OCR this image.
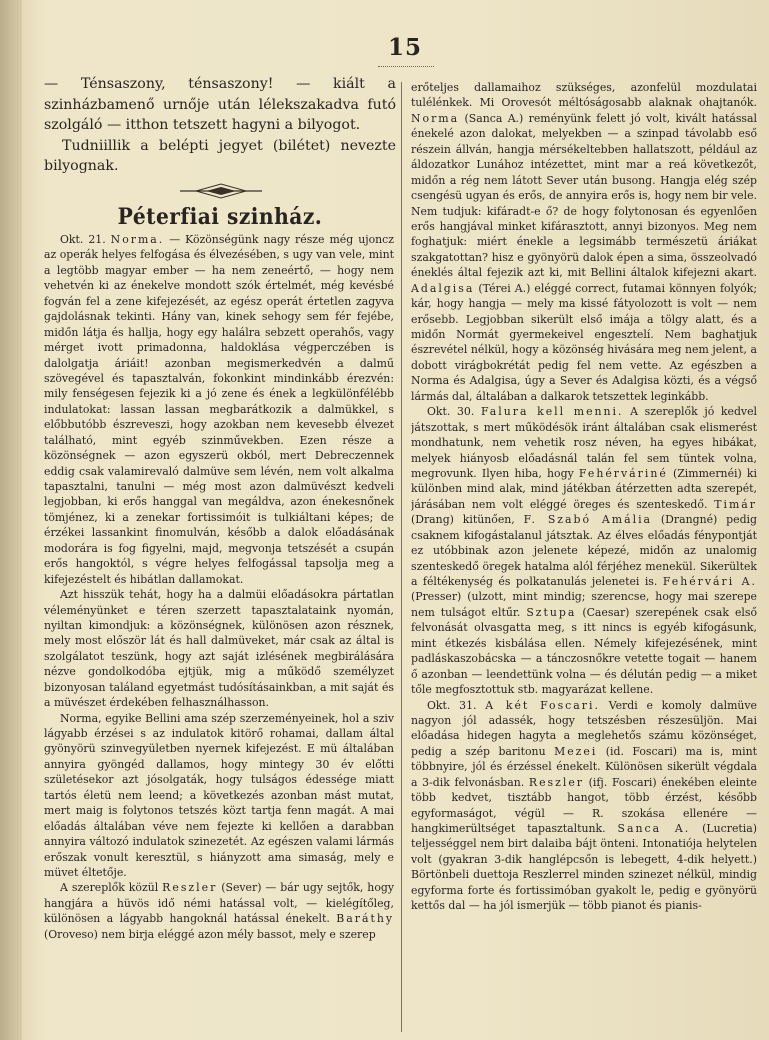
15

— Ténsaszony, ténsaszony! — kiált a szinházbamenő urnője után lélekszakadva futó szolgáló — itthon tetszett hagyni a bilyogot.

Tudniillik a belépti jegyet (bilétet) nevezte bilyognak.

Péterfiai szinház.

Okt. 21. Norma. — Közönségünk nagy része még ujoncz az operák helyes felfogása és élvezésében, s ugy van vele, mint a legtöbb magyar ember — ha nem zeneértő, — hogy nem vehetvén ki az énekelve mondott szók értelmét, még kevésbé fogván fel a zene kifejezését, az egész operát értetlen zagyva gajdolásnak tekinti. Hány van, kinek sehogy sem fér fejébe, midőn látja és hallja, hogy egy halálra sebzett operahős, vagy mérget ivott primadonna, haldoklása végperczében is dalolgatja áriáit! azonban megismerkedvén a dalmű szövegével és tapasztalván, fokonkint mindinkább érezvén: mily fenségesen fejezik ki a jó zene és ének a legkülönfélébb indulatokat: lassan lassan megbarátkozik a dalmükkel, s előbbutóbb észreveszi, hogy azokban nem kevesebb élvezet található, mint egyéb szinművekben. Ezen része a közönségnek — azon egyszerü okból, mert Debreczennek eddig csak valamirevaló dalmüve sem lévén, nem volt alkalma tapasztalni, tanulni — még most azon dalmüvészt kedveli legjobban, ki erős hanggal van megáldva, azon énekesnőnek tömjénez, ki a zenekar fortissimóit is tulkiáltani képes; de érzékei lassankint finomulván, később a dalok előadásának modorára is fog figyelni, majd, megvonja tetszését a csupán erős hangoktól, s végre helyes felfogással tapsolja meg a kifejezéstelt és hibátlan dallamokat.

Azt hisszük tehát, hogy ha a dalmüi előadásokra pártatlan véleményünket e téren szerzett tapasztalataink nyomán, nyiltan kimondjuk: a közönségnek, különösen azon résznek, mely most először lát és hall dalmüveket, már csak az által is szolgálatot teszünk, hogy azt saját izlésének megbirálására nézve gondolkodóba ejtjük, mig a működő személyzet bizonyosan találand egyetmást tudósításainkban, a mit saját és a müvészet érdekében felhasználhasson.

Norma, egyike Bellini ama szép szerzeményeinek, hol a sziv lágyabb érzései s az indulatok kitörő rohamai, dallam által gyönyörü szinvegyületben nyernek kifejezést. E mü általában annyira gyöngéd dallamos, hogy mintegy 30 év előtti születésekor azt jósolgaták, hogy tulságos édessége miatt tartós életü nem leend; a következés azonban mást mutat, mert maig is folytonos tetszés közt tartja fenn magát. A mai előadás általában véve nem fejezte ki kellően a darabban annyira változó indulatok szinezetét. Az egészen valami lármás erőszak vonult keresztül, s hiányzott ama simaság, mely e müvet éltetője.

A szereplők közül Reszler (Sever) — bár ugy sejtők, hogy hangjára a hüvös idő némi hatással volt, — kielégítőleg, különösen a lágyabb hangoknál hatással énekelt. Baráthy (Oroveso) nem birja eléggé azon mély bassot, mely e szerep

erőteljes dallamaihoz szükséges, azonfelül mozdulatai tulélénkek. Mi Orovesót méltóságosabb alaknak ohajtanók. Norma (Sanca A.) reményünk felett jó volt, kivált hatással énekelé azon dalokat, melyekben — a szinpad távolabb eső részein állván, hangja mérsékeltebben hallatszott, például az áldozatkor Lunához intézettet, mint mar a reá következőt, midőn a rég nem látott Sever után busong. Hangja elég szép csengésü ugyan és erős, de annyira erős is, hogy nem bir vele. Nem tudjuk: kifáradt-e ő? de hogy folytonosan és egyenlően erős hangjával minket kifárasztott, annyi bizonyos. Meg nem foghatjuk: miért énekle a legsimább természetü áriákat szakgatottan? hisz e gyönyörü dalok épen a sima, összeolvadó éneklés által fejezik azt ki, mit Bellini általok kifejezni akart. Adalgisa (Térei A.) eléggé correct, futamai könnyen folyók; kár, hogy hangja — mely ma kissé fátyolozott is volt — nem erősebb. Legjobban sikerült első imája a tölgy alatt, és a midőn Normát gyermekeivel engesztelí. Nem baghatjuk észrevétel nélkül, hogy a közönség hivására meg nem jelent, a dobott virágbokrétát pedig fel nem vette. Az egészben a Norma és Adalgisa, úgy a Sever és Adalgisa közti, és a végső lármás dal, általában a dalkarok tetszettek leginkább.

Okt. 30. Falura kell menni. A szereplők jó kedvel játszottak, s mert működésök iránt általában csak elismerést mondhatunk, nem vehetik rosz néven, ha egyes hibákat, melyek hiányosb előadásnál talán fel sem tüntek volna, megrovunk. Ilyen hiba, hogy Fehérváriné (Zimmernéi) ki különben mind alak, mind játékban átérzetten adta szerepét, járásában nem volt eléggé öreges és szenteskedő. Timár (Drang) kitünően, F. Szabó Amália (Drangné) pedig csaknem kifogástalanul játsztak. Az élves előadás fénypontját ez utóbbinak azon jelenete képezé, midőn az unalomig szenteskedő öregek hatalma alól férjéhez menekül. Sikerültek a féltékenység és polkatanulás jelenetei is. Fehérvári A. (Presser) (ulzott, mint mindig; szerencse, hogy mai szerepe nem tulságot eltűr. Sztupa (Caesar) szerepének csak első felvonását olvasgatta meg, s itt nincs is egyéb kifogásunk, mint étkezés kisbálása ellen. Némely kifejezésének, mint padláskaszobácska — a tánczosnőkre vetette togait — hanem ő azonban — leendettünk volna — és délután pedig — a miket tőle megfosztottuk stb. magyarázat kellene.

Okt. 31. A két Foscari. Verdi e komoly dalmüve nagyon jól adassék, hogy tetszésben részesüljön. Mai előadása hidegen hagyta a meglehetős számu közönséget, pedig a szép baritonu Mezei (id. Foscari) ma is, mint többnyire, jól és érzéssel énekelt. Különösen sikerült végdala a 3-dik felvonásban. Reszler (ifj. Foscari) énekében eleinte több kedvet, tisztább hangot, több érzést, később egyformaságot, végül — R. szokása ellenére — hangkimerültséget tapasztaltunk. Sanca A. (Lucretia) teljességgel nem birt dalaiba bájt önteni. Intonatiója helytelen volt (gyakran 3-dik hanglépcsőn is lebegett, 4-dik helyett.) Börtönbeli duettoja Reszlerrel minden szinezet nélkül, mindig egyforma forte és fortissimóban gyakolt le, pedig e gyönyörü kettős dal — ha jól ismerjük — több pianot és pianis-
